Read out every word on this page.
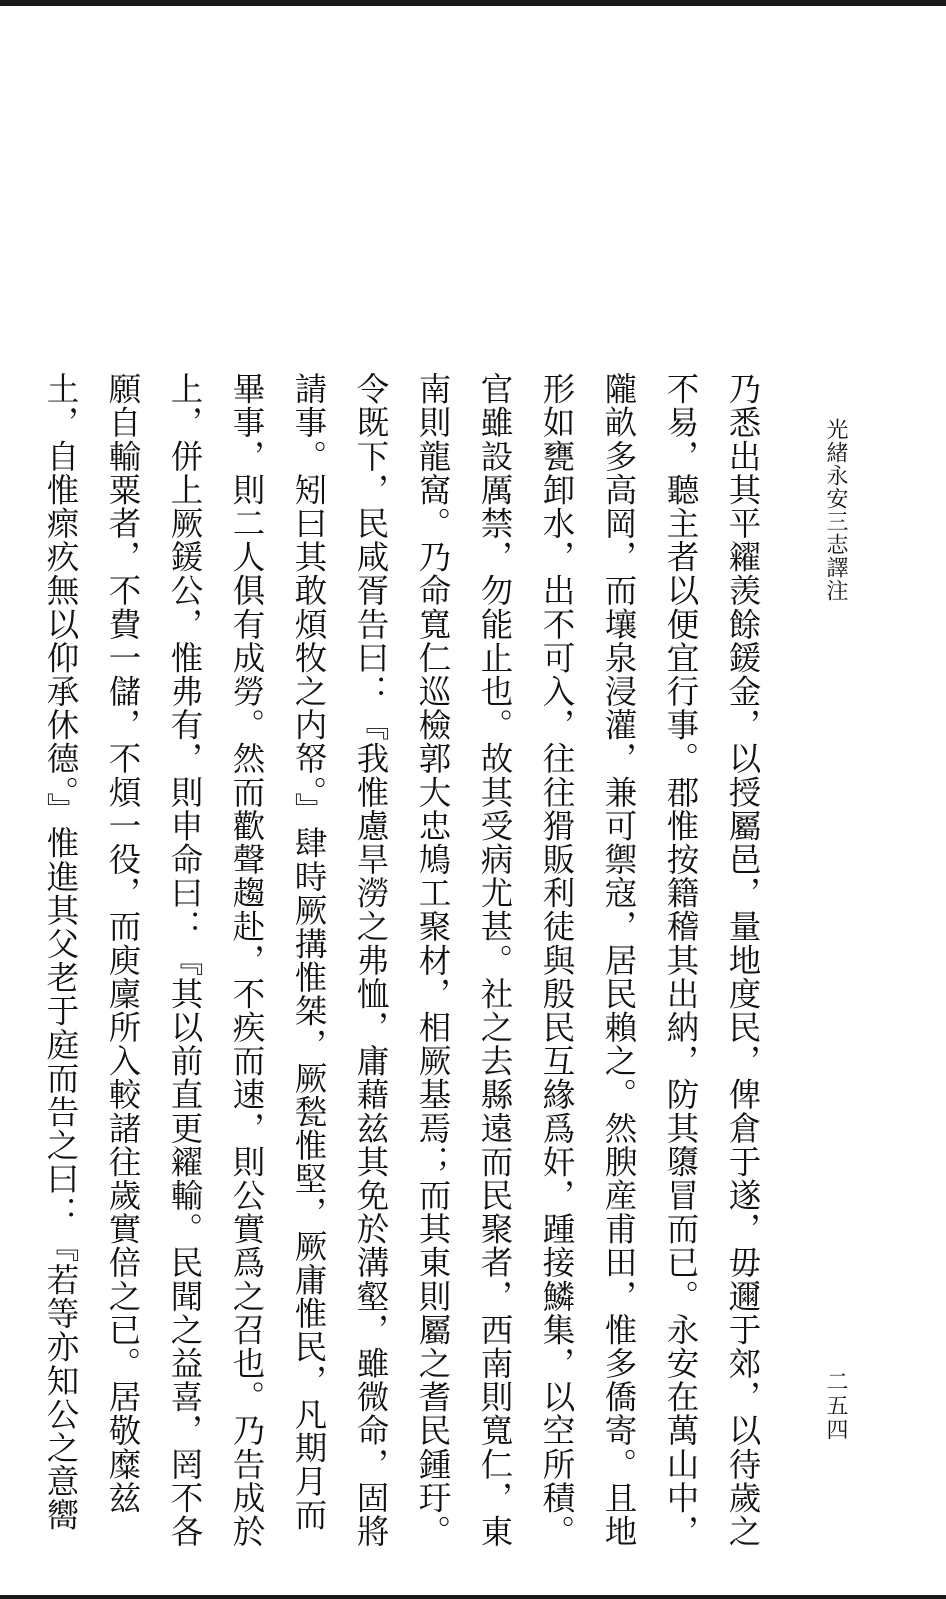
光緒永安三志譯注
二五四
乃悉出其平糴羡餘鍰金，以授屬邑，量地度民，俾倉于遂，毋邇于郊，以待歲之
不易，聽主者以便宜行事。郡惟按籍稽其出納，防其隳冒而已。永安在萬山中，
隴畝多高岡，而壤泉浸灌，兼可禦寇，居民賴之。然腴産甫田，惟多僑寄。且地
形如甕卸水，出不可入，往往猾販利徒與殷民互緣爲奸，踵接鱗集，以空所積。
官雖設厲禁，勿能止也。故其受病尤甚。社之去縣遠而民聚者，西南則寬仁，東
南則龍窩。乃命寬仁巡檢郭大忠鳩工聚材，相厥基焉；而其東則屬之耆民鍾玗。
令既下，民咸胥告曰：『我惟慮旱澇之弗恤，庸藉兹其免於溝壑，雖微命，固將
請事。矧曰其敢煩牧之内帑。』肆時厥搆惟桀，厥甃惟堅，厥庸惟民，凡期月而
畢事，則二人俱有成勞。然而歡聲趨赴，不疾而速，則公實爲之召也。乃告成於
上，併上厥鍰公，惟弗有，則申命曰：『其以前直更糴輸。民聞之益喜，罔不各
願自輸粟者，不費一儲，不煩一役，而庾廩所入較諸往歲實倍之已。居敬糜兹
土，自惟瘝疚無以仰承休德。』惟進其父老于庭而告之曰：『若等亦知公之意嚮
